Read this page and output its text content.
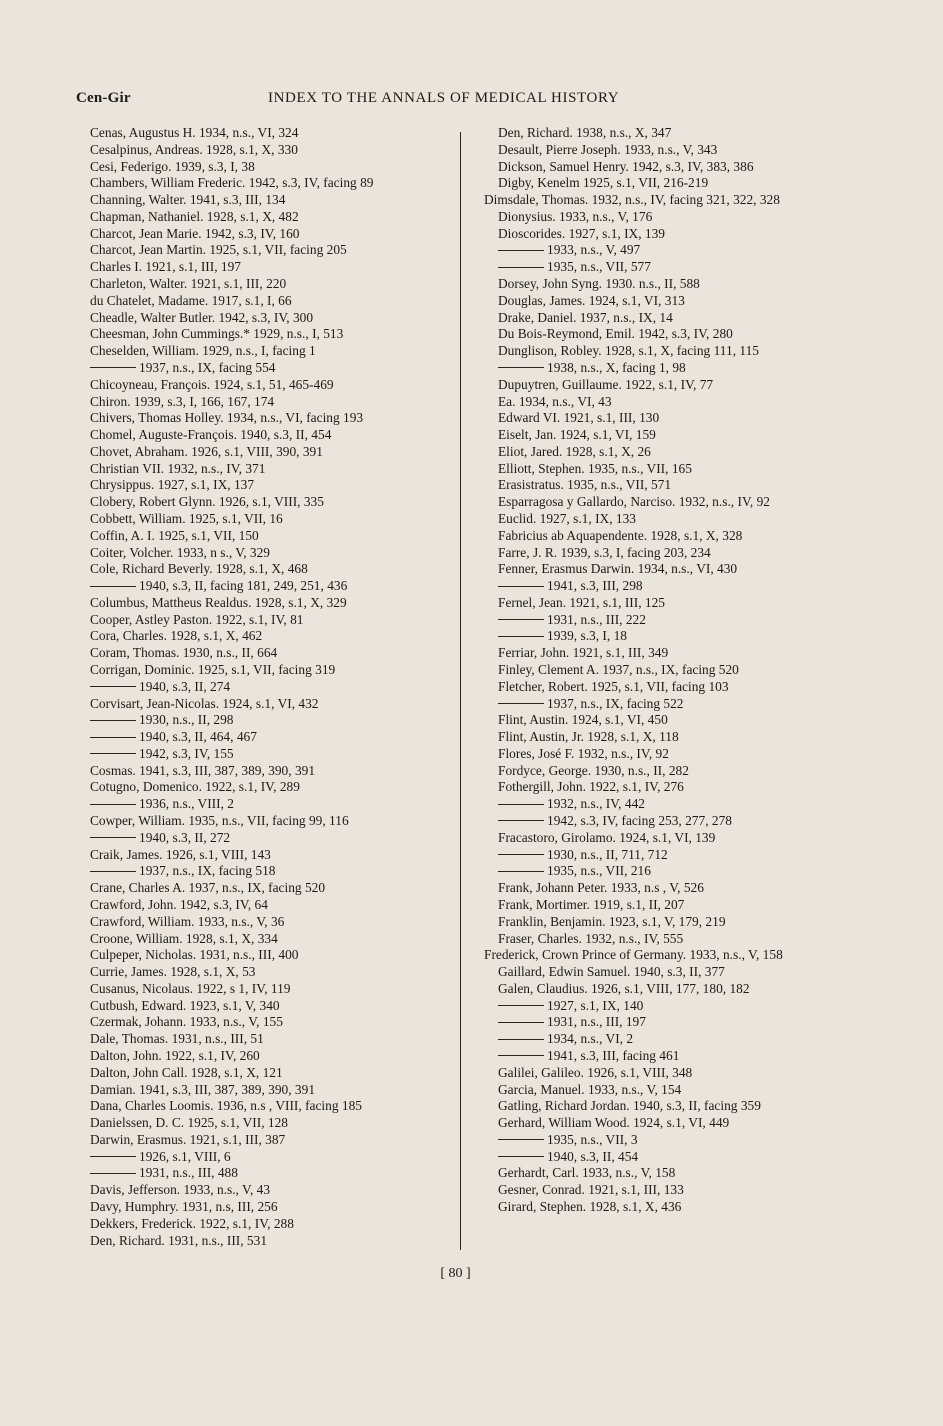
Cen-Gir	INDEX TO THE ANNALS OF MEDICAL HISTORY
Cenas, Augustus H. 1934, n.s., VI, 324
Cesalpinus, Andreas. 1928, s.1, X, 330
Cesi, Federigo. 1939, s.3, I, 38
Chambers, William Frederic. 1942, s.3, IV, facing 89
Channing, Walter. 1941, s.3, III, 134
Chapman, Nathaniel. 1928, s.1, X, 482
Charcot, Jean Marie. 1942, s.3, IV, 160
Charcot, Jean Martin. 1925, s.1, VII, facing 205
Charles I. 1921, s.1, III, 197
Charleton, Walter. 1921, s.1, III, 220
du Chatelet, Madame. 1917, s.1, I, 66
Cheadle, Walter Butler. 1942, s.3, IV, 300
Cheesman, John Cummings.* 1929, n.s., I, 513
Cheselden, William. 1929, n.s., I, facing 1
1937, n.s., IX, facing 554
Chicoyneau, François. 1924, s.1, 51, 465-469
Chiron. 1939, s.3, I, 166, 167, 174
Chivers, Thomas Holley. 1934, n.s., VI, facing 193
Chomel, Auguste-François. 1940, s.3, II, 454
Chovet, Abraham. 1926, s.1, VIII, 390, 391
Christian VII. 1932, n.s., IV, 371
Chrysippus. 1927, s.1, IX, 137
Clobery, Robert Glynn. 1926, s.1, VIII, 335
Cobbett, William. 1925, s.1, VII, 16
Coffin, A. I. 1925, s.1, VII, 150
Coiter, Volcher. 1933, n s., V, 329
Cole, Richard Beverly. 1928, s.1, X, 468
1940, s.3, II, facing 181, 249, 251, 436
Columbus, Mattheus Realdus. 1928, s.1, X, 329
Cooper, Astley Paston. 1922, s.1, IV, 81
Cora, Charles. 1928, s.1, X, 462
Coram, Thomas. 1930, n.s., II, 664
Corrigan, Dominic. 1925, s.1, VII, facing 319
1940, s.3, II, 274
Corvisart, Jean-Nicolas. 1924, s.1, VI, 432
1930, n.s., II, 298
1940, s.3, II, 464, 467
1942, s.3, IV, 155
Cosmas. 1941, s.3, III, 387, 389, 390, 391
Cotugno, Domenico. 1922, s.1, IV, 289
1936, n.s., VIII, 2
Cowper, William. 1935, n.s., VII, facing 99, 116
1940, s.3, II, 272
Craik, James. 1926, s.1, VIII, 143
1937, n.s., IX, facing 518
Crane, Charles A. 1937, n.s., IX, facing 520
Crawford, John. 1942, s.3, IV, 64
Crawford, William. 1933, n.s., V, 36
Croone, William. 1928, s.1, X, 334
Culpeper, Nicholas. 1931, n.s., III, 400
Currie, James. 1928, s.1, X, 53
Cusanus, Nicolaus. 1922, s 1, IV, 119
Cutbush, Edward. 1923, s.1, V, 340
Czermak, Johann. 1933, n.s., V, 155
Dale, Thomas. 1931, n.s., III, 51
Dalton, John. 1922, s.1, IV, 260
Dalton, John Call. 1928, s.1, X, 121
Damian. 1941, s.3, III, 387, 389, 390, 391
Dana, Charles Loomis. 1936, n.s , VIII, facing 185
Danielssen, D. C. 1925, s.1, VII, 128
Darwin, Erasmus. 1921, s.1, III, 387
1926, s.1, VIII, 6
1931, n.s., III, 488
Davis, Jefferson. 1933, n.s., V, 43
Davy, Humphry. 1931, n.s, III, 256
Dekkers, Frederick. 1922, s.1, IV, 288
Den, Richard. 1931, n.s., III, 531
Den, Richard. 1938, n.s., X, 347
Desault, Pierre Joseph. 1933, n.s., V, 343
Dickson, Samuel Henry. 1942, s.3, IV, 383, 386
Digby, Kenelm 1925, s.1, VII, 216-219
Dimsdale, Thomas. 1932, n.s., IV, facing 321, 322, 328
Dionysius. 1933, n.s., V, 176
Dioscorides. 1927, s.1, IX, 139
1933, n.s., V, 497
1935, n.s., VII, 577
Dorsey, John Syng. 1930. n.s., II, 588
Douglas, James. 1924, s.1, VI, 313
Drake, Daniel. 1937, n.s., IX, 14
Du Bois-Reymond, Emil. 1942, s.3, IV, 280
Dunglison, Robley. 1928, s.1, X, facing 111, 115
1938, n.s., X, facing 1, 98
Dupuytren, Guillaume. 1922, s.1, IV, 77
Ea. 1934, n.s., VI, 43
Edward VI. 1921, s.1, III, 130
Eiselt, Jan. 1924, s.1, VI, 159
Eliot, Jared. 1928, s.1, X, 26
Elliott, Stephen. 1935, n.s., VII, 165
Erasistratus. 1935, n.s., VII, 571
Esparragosa y Gallardo, Narciso. 1932, n.s., IV, 92
Euclid. 1927, s.1, IX, 133
Fabricius ab Aquapendente. 1928, s.1, X, 328
Farre, J. R. 1939, s.3, I, facing 203, 234
Fenner, Erasmus Darwin. 1934, n.s., VI, 430
1941, s.3, III, 298
Fernel, Jean. 1921, s.1, III, 125
1931, n.s., III, 222
1939, s.3, I, 18
Ferriar, John. 1921, s.1, III, 349
Finley, Clement A. 1937, n.s., IX, facing 520
Fletcher, Robert. 1925, s.1, VII, facing 103
1937, n.s., IX, facing 522
Flint, Austin. 1924, s.1, VI, 450
Flint, Austin, Jr. 1928, s.1, X, 118
Flores, José F. 1932, n.s., IV, 92
Fordyce, George. 1930, n.s., II, 282
Fothergill, John. 1922, s.1, IV, 276
1932, n.s., IV, 442
1942, s.3, IV, facing 253, 277, 278
Fracastoro, Girolamo. 1924, s.1, VI, 139
1930, n.s., II, 711, 712
1935, n.s., VII, 216
Frank, Johann Peter. 1933, n.s , V, 526
Frank, Mortimer. 1919, s.1, II, 207
Franklin, Benjamin. 1923, s.1, V, 179, 219
Fraser, Charles. 1932, n.s., IV, 555
Frederick, Crown Prince of Germany. 1933, n.s., V, 158
Gaillard, Edwin Samuel. 1940, s.3, II, 377
Galen, Claudius. 1926, s.1, VIII, 177, 180, 182
1927, s.1, IX, 140
1931, n.s., III, 197
1934, n.s., VI, 2
1941, s.3, III, facing 461
Galilei, Galileo. 1926, s.1, VIII, 348
Garcia, Manuel. 1933, n.s., V, 154
Gatling, Richard Jordan. 1940, s.3, II, facing 359
Gerhard, William Wood. 1924, s.1, VI, 449
1935, n.s., VII, 3
1940, s.3, II, 454
Gerhardt, Carl. 1933, n.s., V, 158
Gesner, Conrad. 1921, s.1, III, 133
Girard, Stephen. 1928, s.1, X, 436
[ 80 ]
